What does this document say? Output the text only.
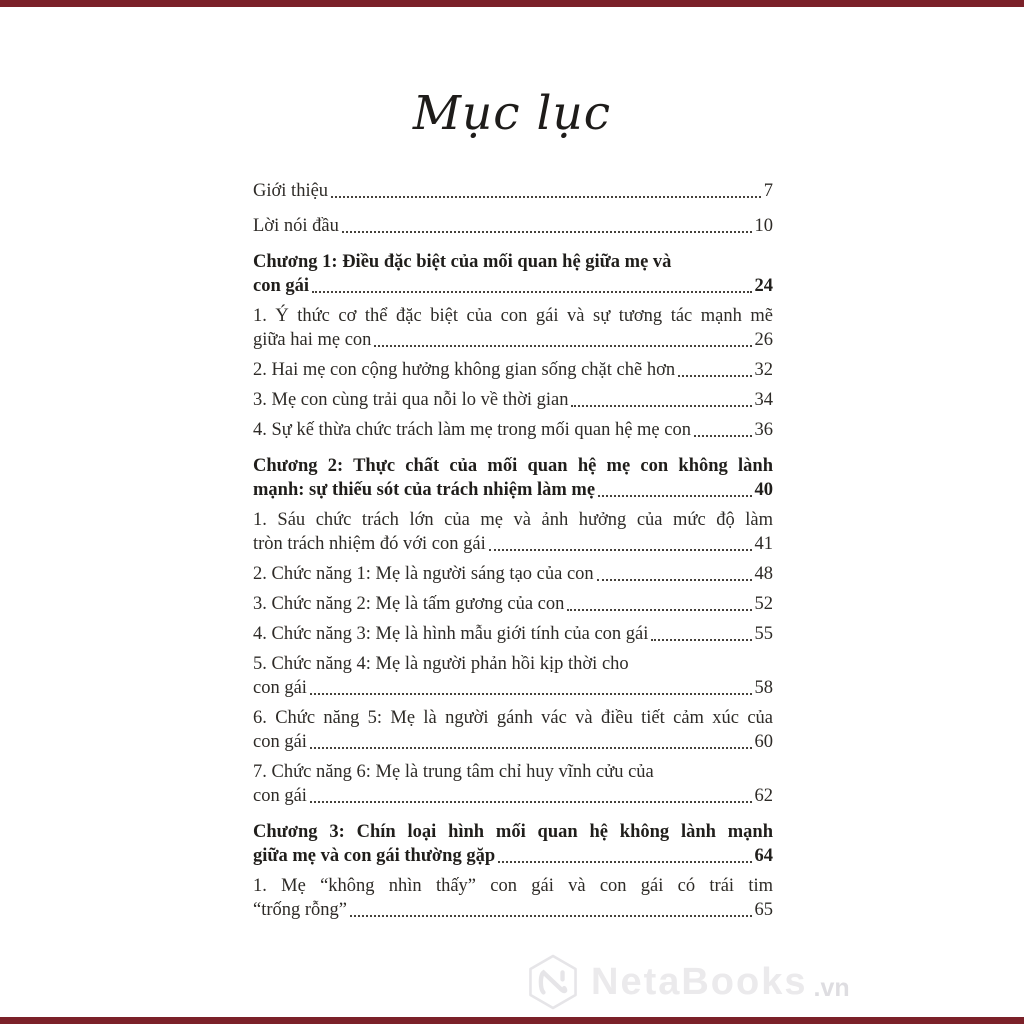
Mục lục
Giới thiệu	7
Lời nói đầu	10
Chương 1: Điều đặc biệt của mối quan hệ giữa mẹ và
con gái	24
1. Ý thức cơ thể đặc biệt của con gái và sự tương tác mạnh mẽ
giữa hai mẹ con	26
2. Hai mẹ con cộng hưởng không gian sống chặt chẽ hơn	32
3. Mẹ con cùng trải qua nỗi lo về thời gian	34
4. Sự kế thừa chức trách làm mẹ trong mối quan hệ mẹ con	36
Chương 2: Thực chất của mối quan hệ mẹ con không lành
mạnh: sự thiếu sót của trách nhiệm làm mẹ	40
1. Sáu chức trách lớn của mẹ và ảnh hưởng của mức độ làm
tròn trách nhiệm đó với con gái	41
2. Chức năng 1: Mẹ là người sáng tạo của con	48
3. Chức năng 2: Mẹ là tấm gương của con	52
4. Chức năng 3: Mẹ là hình mẫu giới tính của con gái	55
5. Chức năng 4: Mẹ là người phản hồi kịp thời cho
con gái	58
6. Chức năng 5: Mẹ là người gánh vác và điều tiết cảm xúc của
con gái	60
7. Chức năng 6: Mẹ là trung tâm chỉ huy vĩnh cửu của
con gái	62
Chương 3: Chín loại hình mối quan hệ không lành mạnh
giữa mẹ và con gái thường gặp	64
1. Mẹ “không nhìn thấy” con gái và con gái có trái tim
“trống rỗng”	65
NetaBooks .vn
